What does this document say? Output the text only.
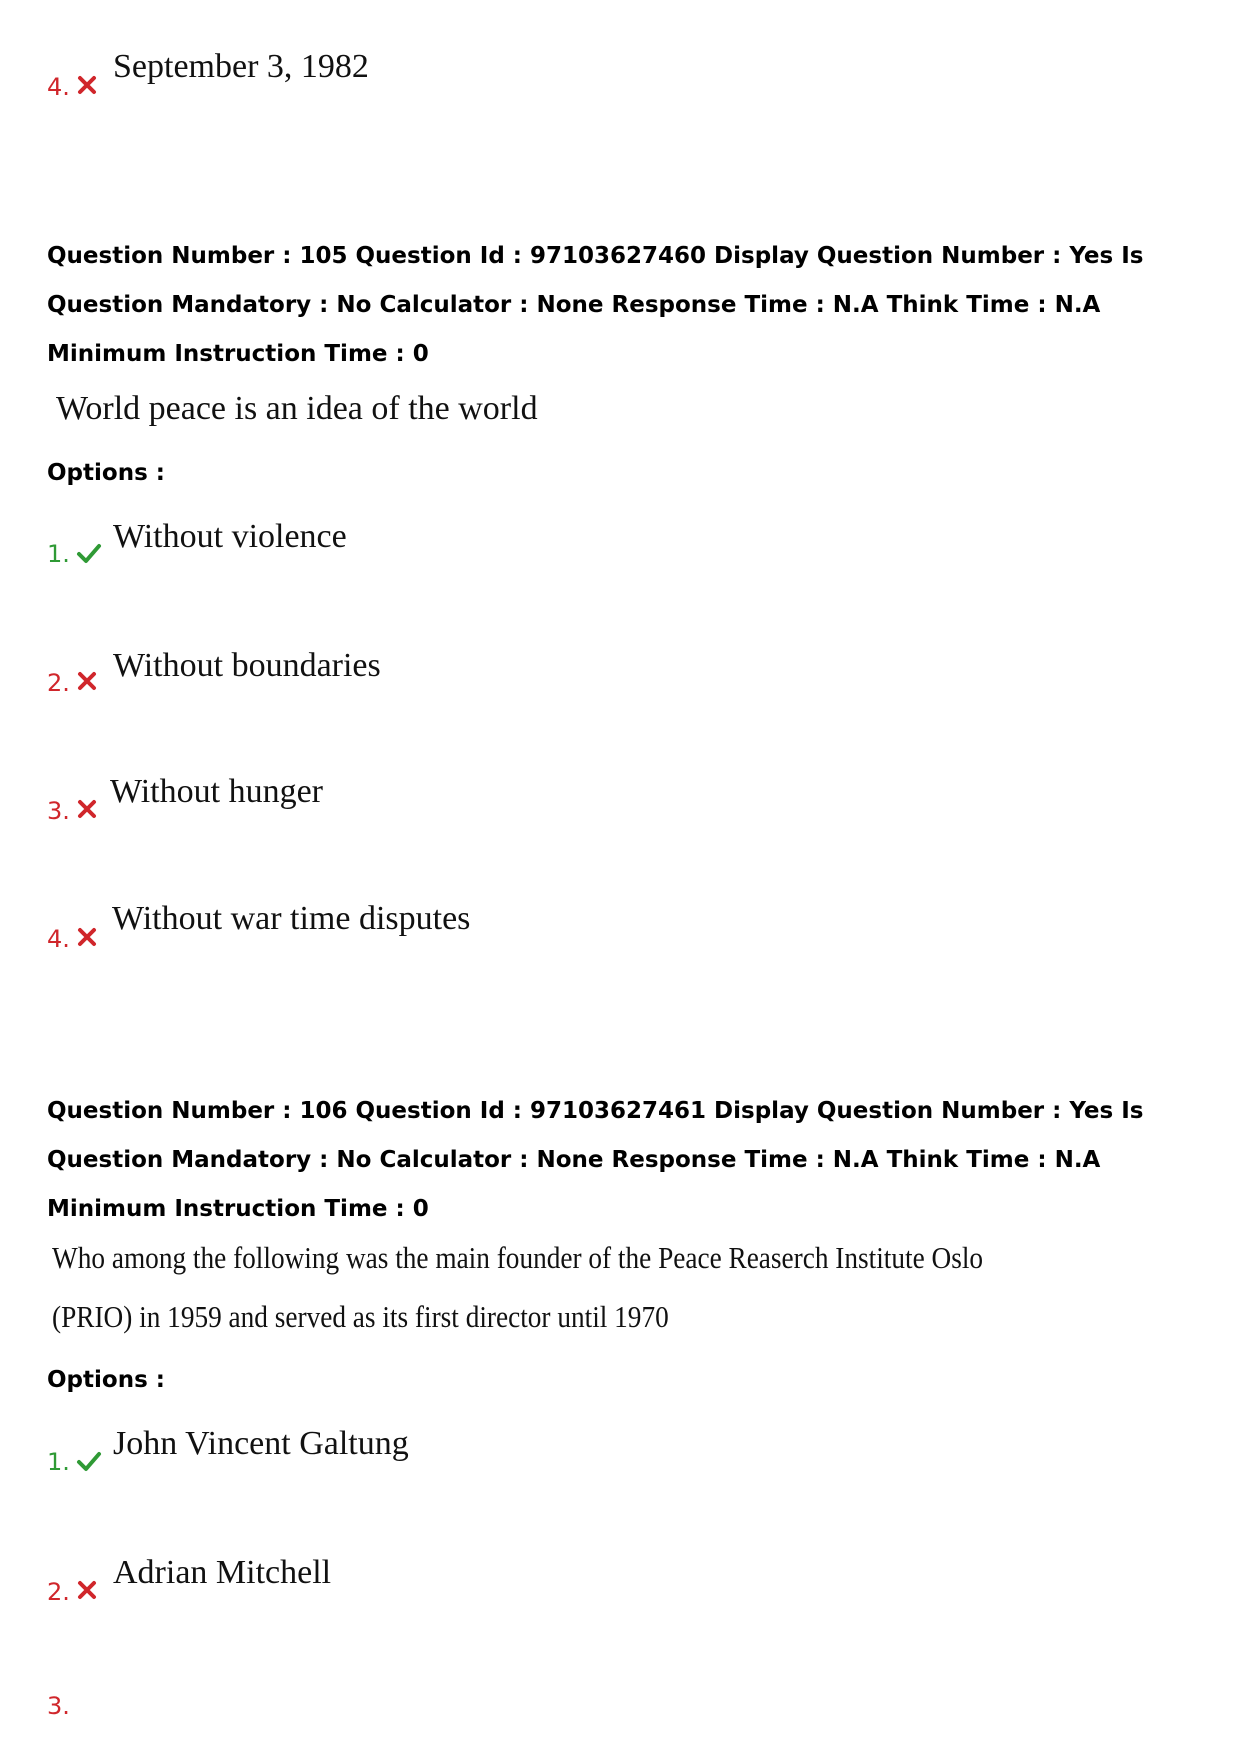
4.
September 3, 1982
Question Number : 105 Question Id : 97103627460 Display Question Number : Yes Is Question Mandatory : No Calculator : None Response Time : N.A Think Time : N.A Minimum Instruction Time : 0
World peace is an idea of the world
Options :
1. Without violence
2. Without boundaries
3.
Without hunger
4.
Without war time disputes
Question Number : 106 Question Id : 97103627461 Display Question Number : Yes Is Question Mandatory : No Calculator : None Response Time : N.A Think Time : N.A Minimum Instruction Time : 0
Who among the following was the main founder of the Peace Reaserch Institute Oslo
(PRIO) in 1959 and served as its first director until 1970
Options :
1. John Vincent Galtung
2.
Adrian Mitchell
3.
